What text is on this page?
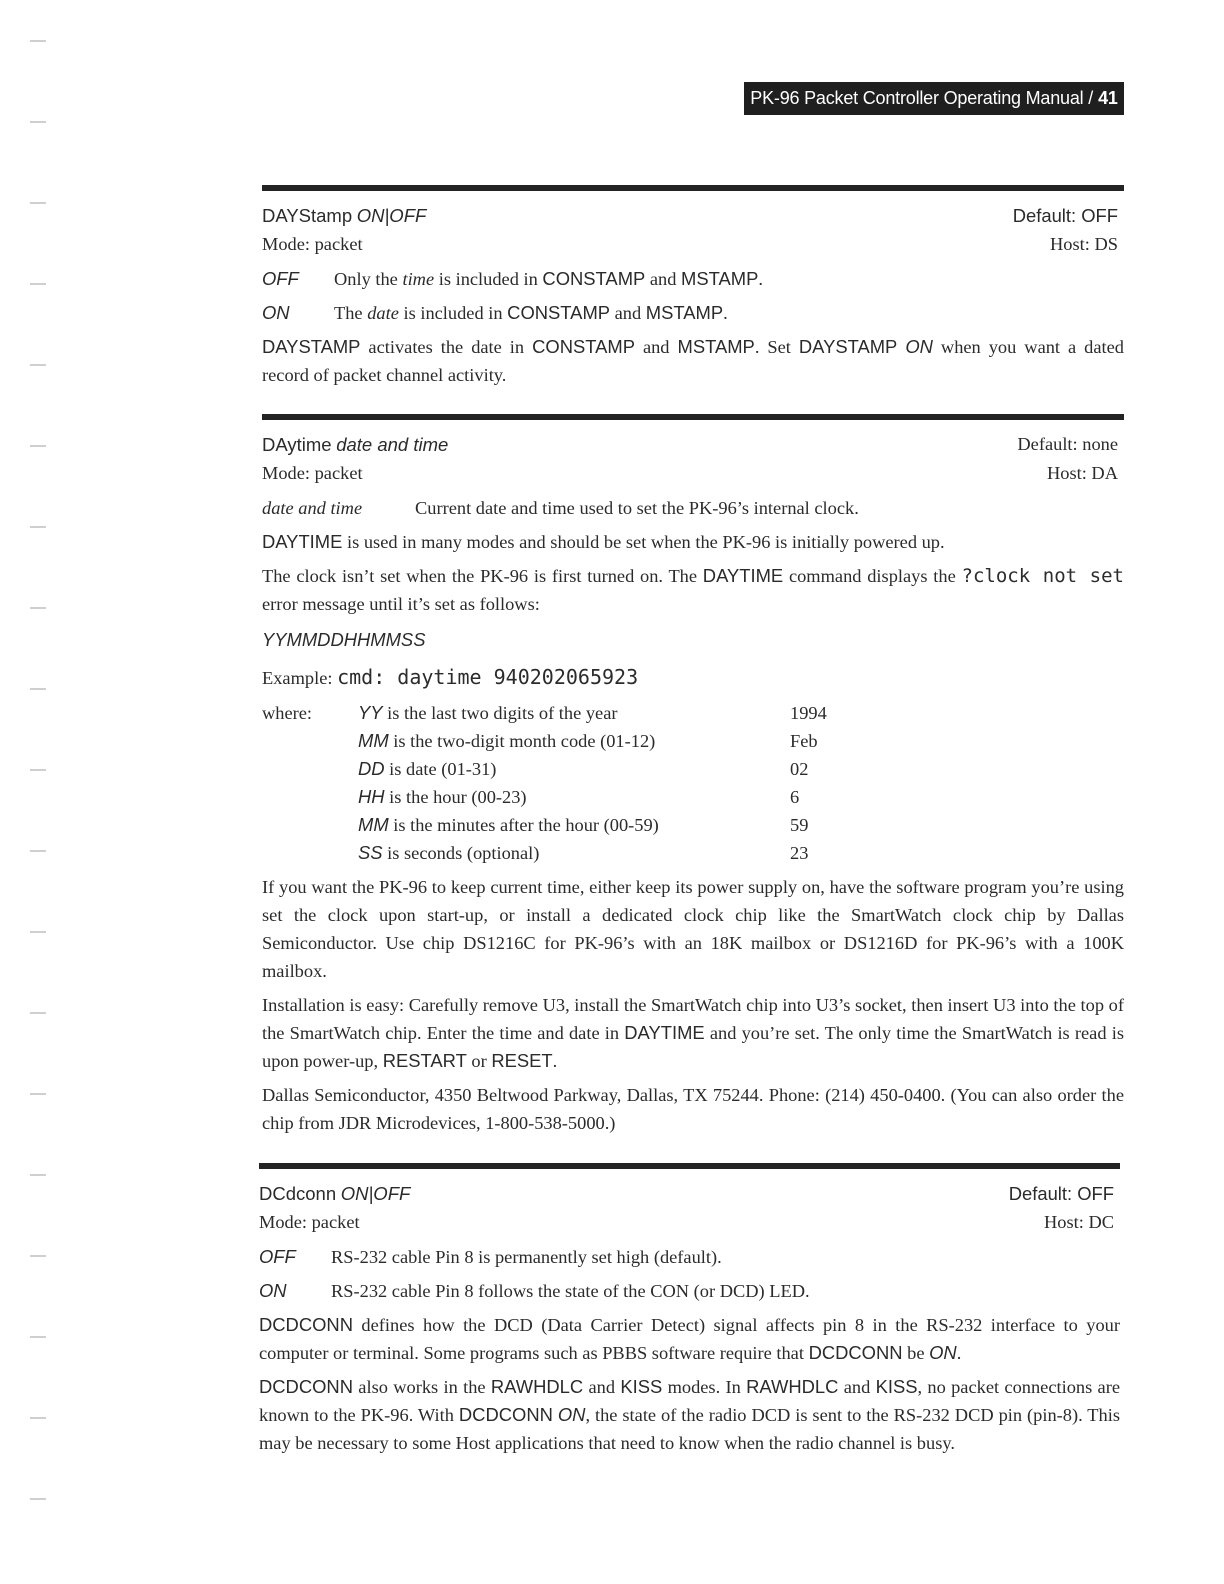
PK-96 Packet Controller Operating Manual / 41
DAYStamp ON|OFF	Default: OFF
Mode: packet	Host: DS
OFF	Only the time is included in CONSTAMP and MSTAMP.
ON	The date is included in CONSTAMP and MSTAMP.
DAYSTAMP activates the date in CONSTAMP and MSTAMP. Set DAYSTAMP ON when you want a dated record of packet channel activity.
DAytime date and time	Default: none
Mode: packet	Host: DA
date and time	Current date and time used to set the PK-96’s internal clock.
DAYTIME is used in many modes and should be set when the PK-96 is initially powered up.
The clock isn’t set when the PK-96 is first turned on. The DAYTIME command displays the ?clock not set error message until it’s set as follows:
YYMMDDHHMMSS
Example: cmd: daytime 940202065923
where: YY is the last two digits of the year	1994
MM is the two-digit month code (01-12)	Feb
DD is date (01-31)	02
HH is the hour (00-23)	6
MM is the minutes after the hour (00-59)	59
SS is seconds (optional)	23
If you want the PK-96 to keep current time, either keep its power supply on, have the software program you’re using set the clock upon start-up, or install a dedicated clock chip like the SmartWatch clock chip by Dallas Semiconductor. Use chip DS1216C for PK-96’s with an 18K mailbox or DS1216D for PK-96’s with a 100K mailbox.
Installation is easy: Carefully remove U3, install the SmartWatch chip into U3’s socket, then insert U3 into the top of the SmartWatch chip. Enter the time and date in DAYTIME and you’re set. The only time the SmartWatch is read is upon power-up, RESTART or RESET.
Dallas Semiconductor, 4350 Beltwood Parkway, Dallas, TX 75244. Phone: (214) 450-0400. (You can also order the chip from JDR Microdevices, 1-800-538-5000.)
DCdconn ON|OFF	Default: OFF
Mode: packet	Host: DC
OFF	RS-232 cable Pin 8 is permanently set high (default).
ON	RS-232 cable Pin 8 follows the state of the CON (or DCD) LED.
DCDCONN defines how the DCD (Data Carrier Detect) signal affects pin 8 in the RS-232 interface to your computer or terminal. Some programs such as PBBS software require that DCDCONN be ON.
DCDCONN also works in the RAWHDLC and KISS modes. In RAWHDLC and KISS, no packet connections are known to the PK-96. With DCDCONN ON, the state of the radio DCD is sent to the RS-232 DCD pin (pin-8). This may be necessary to some Host applications that need to know when the radio channel is busy.
